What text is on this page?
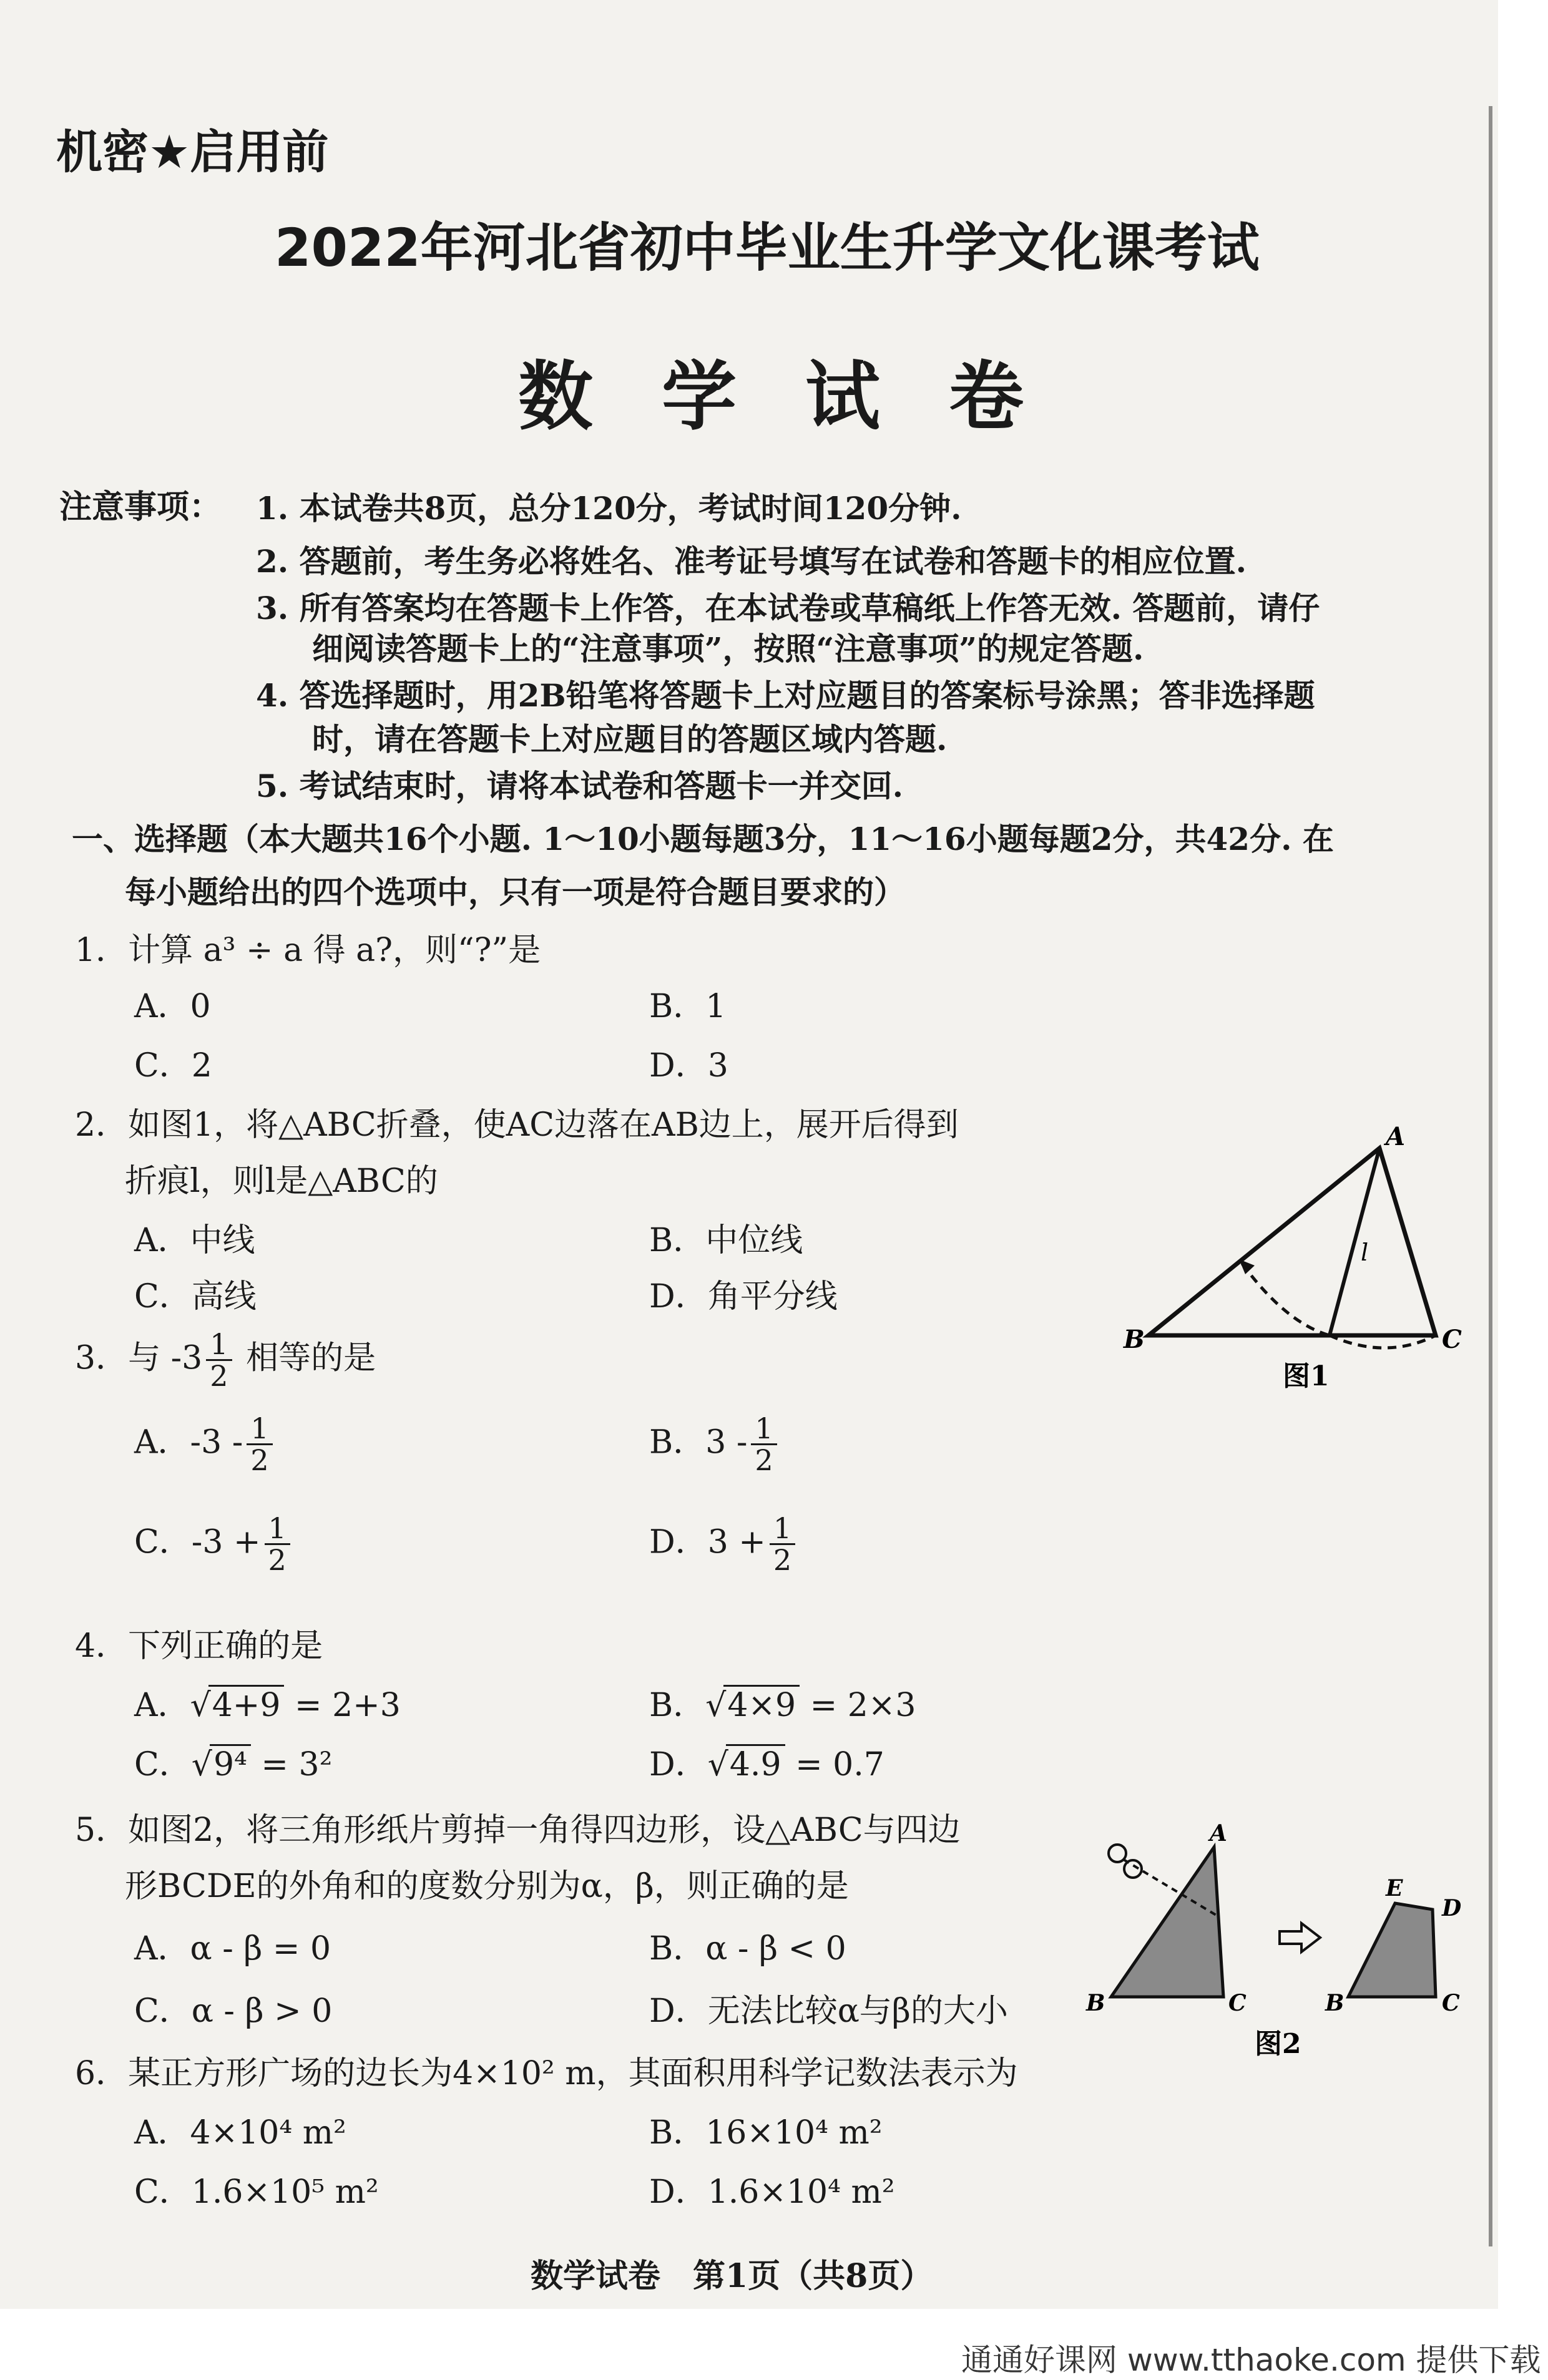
机密★启用前
2022年河北省初中毕业生升学文化课考试
数学试卷
注意事项： 1. 本试卷共8页，总分120分，考试时间120分钟.
2. 答题前，考生务必将姓名、准考证号填写在试卷和答题卡的相应位置.
3. 所有答案均在答题卡上作答，在本试卷或草稿纸上作答无效. 答题前，请仔
细阅读答题卡上的“注意事项”，按照“注意事项”的规定答题.
4. 答选择题时，用2B铅笔将答题卡上对应题目的答案标号涂黑；答非选择题
时，请在答题卡上对应题目的答题区域内答题.
5. 考试结束时，请将本试卷和答题卡一并交回.
一、选择题（本大题共16个小题. 1～10小题每题3分，11～16小题每题2分，共42分. 在
每小题给出的四个选项中，只有一项是符合题目要求的）
1．计算 a³ ÷ a 得 a?，则“?”是
A．0	B．1
C．2	D．3
2．如图1，将△ABC折叠，使AC边落在AB边上，展开后得到
折痕l，则l是△ABC的
A．中线	B．中位线
C．高线	D．角平分线
A
B	C
l
图1
3．与 $-3 \frac{1}{2}$ 相等的是
A．$-3 - \frac{1}{2}$	B．$3 - \frac{1}{2}$
C．$-3 + \frac{1}{2}$	D．$3 + \frac{1}{2}$
4．下列正确的是
A．√4+9 = 2+3	B．√4×9 = 2×3
C．√9⁴ = 3²	D．√4.9 = 0.7
5．如图2，将三角形纸片剪掉一角得四边形，设△ABC与四边
形BCDE的外角和的度数分别为α，β，则正确的是
A．α - β = 0	B．α - β < 0
C．α - β > 0	D．无法比较α与β的大小
A
B	C	B	C
D
E
图2
6．某正方形广场的边长为4×10² m，其面积用科学记数法表示为
A．4×10⁴ m²	B．16×10⁴ m²
C．1.6×10⁵ m²	D．1.6×10⁴ m²
数学试卷　第1页（共8页）
通通好课网 www.tthaoke.com 提供下载
